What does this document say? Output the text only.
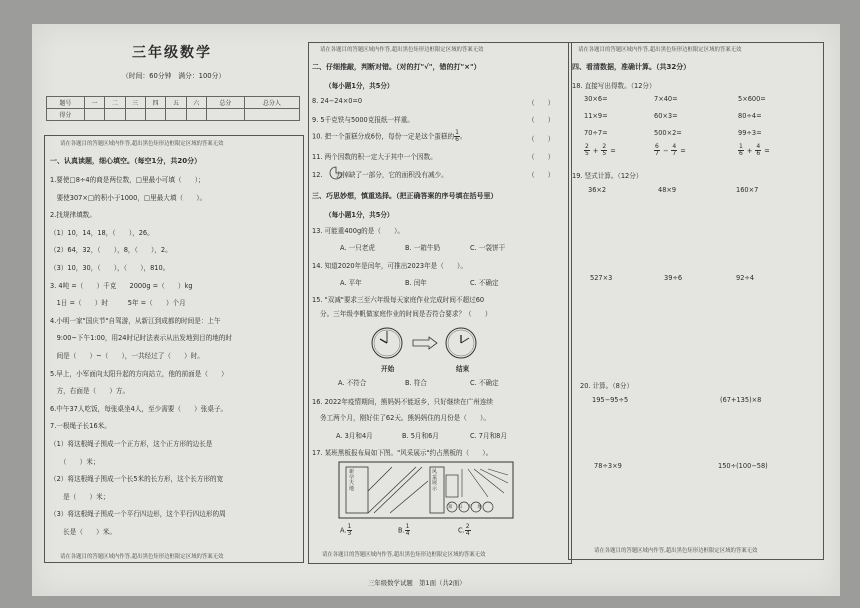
三年级数学
（时间：60分钟　满分：100分）
题号	一	二	三	四	五	六	总分	总分人
得分								
请在各题目的答题区域内作答,超出黑色矩形边框限定区域的答案无效
一、认真读题，细心填空。（每空1分，共20分）
1.要使□8÷4的商是两位数，□里最小可填（　　）；
　要使307×□的积小于1000，□里最大填（　　）。
2.找规律填数。
（1）10，14，18，（　　），26。
（2）64，32，（　　），8，（　　），2。
（3）10，30，（　　），（　　），810。
3. 4吨 =（　　）千克　　2000g =（　　）kg
　1日 =（　　）时　　　5年 =（　　）个月
4.小明一家"国庆节"自驾游，从新江到成都的时间是：上午
　9:00~下午1:00，用24时记时法表示从出发地到目的地的时
　间是（　　）~（　　），一共经过了（　　）时。
5.早上，小军面向太阳升起的方向站立，他的前面是（　　）
　方，右面是（　　）方。
6.中午37人吃饭，每张桌坐4人，至少需要（　　）张桌子。
7.一根绳子长16米。
（1）将这根绳子围成一个正方形，这个正方形的边长是
　　（　　）米；
（2）将这根绳子围成一个长5米的长方形，这个长方形的宽
　　是（　　）米；
（3）将这根绳子围成一个平行四边形，这个平行四边形的周
　　长是（　　）米。
请在各题目的答题区域内作答,超出黑色矩形边框限定区域的答案无效
请在各题目的答题区域内作答,超出黑色矩形边框限定区域的答案无效
二、仔细推敲，判断对错。（对的打"√"，错的打"×"）
（每小题1分，共5分）
8. 24−24×0=0
9. 5千克铁与5000克报纸一样重。
10. 把一个蛋糕分成6份，每份一定是这个蛋糕的 $\frac{1}{6}$ 。
11. 两个因数的积一定大于其中一个因数。
12.　　去掉缺了一部分，它的面积没有减少。
（　　）
（　　）
（　　）
（　　）
（　　）
三、巧思妙想，慎重选择。（把正确答案的序号填在括号里）
（每小题1分，共5分）
13. 可能重400g的是（　　）。
A. 一只老虎	B. 一箱牛奶	C. 一袋饼干
14. 知道2020年是闰年，可推出2023年是（　　）。
A. 平年	B. 闰年	C. 不确定
15. "双减"要求三至六年级每天家庭作业完成时间不超过60
分。三年级李帆做家庭作业的时间是否符合要求？（　　）
开始	结束
A. 不符合	B. 符合	C. 不确定
16. 2022年疫情期间，熊妈妈不能返乡，只好继续在广州连续
务工两个月，刚好住了62天。熊妈妈住的月份是（　　）。
A. 3月和4月	B. 5月和6月	C. 7月和8月
17. 某班黑板报布局如下图。"风采展示"约占黑板的（　　）。
新学天地
风采展示
知识天地
A. $\frac{1}{3}$	B. $\frac{1}{4}$	C. $\frac{2}{4}$
请在各题目的答题区域内作答,超出黑色矩形边框限定区域的答案无效
请在各题目的答题区域内作答,超出黑色矩形边框限定区域的答案无效
四、看清数据，准确计算。（共32分）
18. 直接写出得数。（12分）
30×6=	7×40=	5×600=
11×9=	60×3=	80÷4=
70÷7=	500×2=	99÷3=
$\frac{2}{5} + \frac{2}{5}$ =	$\frac{6}{7} - \frac{4}{7}$ =	$\frac{1}{6} + \frac{4}{6}$ =
19. 竖式计算。（12分）
36×2	48×9	160×7
527×3	39÷6	92÷4
20. 计算。（8分）
195−95÷5	(67+135)×8
78÷3×9	150÷(100−58)
请在各题目的答题区域内作答,超出黑色矩形边框限定区域的答案无效
三年级数学试题　第1面（共2面）
